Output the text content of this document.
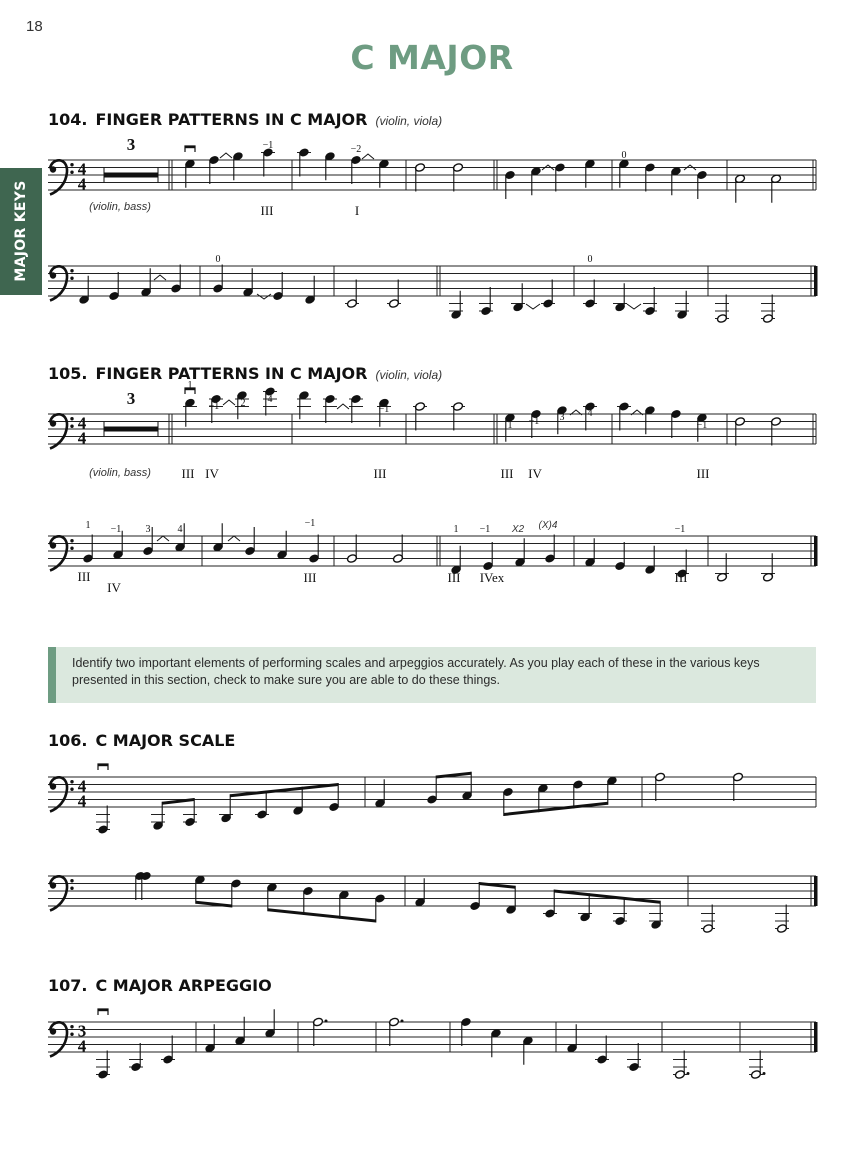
18
C MAJOR
MAJOR KEYS
104. FINGER PATTERNS IN C MAJOR (violin, viola)
105. FINGER PATTERNS IN C MAJOR (violin, viola)
106. C MAJOR SCALE
107. C MAJOR ARPEGGIO
Identify two important elements of performing scales and arpeggios accurately. As you play each of these in the various keys presented in this section, check to make sure you are able to do these things.
4
4
4
4
4
4
3
4
3
(violin, bass)
−1	−2
III	I
0
0	0
3
(violin, bass)
1
−1 2 4
−1
III IV	III
1 −1 3 4
−1
III IV	III
1 −1 3	4
III
IV
−1
III
1 −1 X2 (X)4
III IVex
−1
III
